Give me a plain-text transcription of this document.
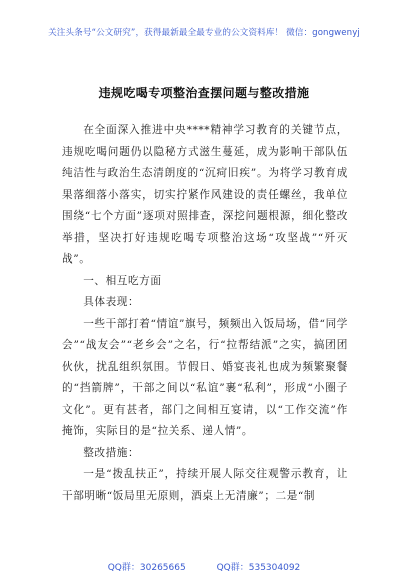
关注头条号“公文研究”，获得最新最全最专业的公文资料库！ 微信：gongwenyj
违规吃喝专项整治查摆问题与整改措施

在全面深入推进中央****精神学习教育的关键节点，违规吃喝问题仍以隐秘方式滋生蔓延，成为影响干部队伍纯洁性与政治生态清朗度的“沉疴旧疾”。为将学习教育成果落细落小落实，切实拧紧作风建设的责任螺丝，我单位围绕“七个方面”逐项对照排查，深挖问题根源，细化整改举措，坚决打好违规吃喝专项整治这场“攻坚战”“歼灭战”。

一、相互吃方面

具体表现：

一些干部打着“情谊”旗号，频频出入饭局场，借“同学会”“战友会”“老乡会”之名，行“拉帮结派”之实，搞团团伙伙，扰乱组织氛围。节假日、婚宴丧礼也成为频繁聚餐的“挡箭牌”，干部之间以“私谊”裹“私利”，形成“小圈子文化”。更有甚者，部门之间相互宴请，以“工作交流”作掩饰，实际目的是“拉关系、递人情”。

整改措施：

一是“拨乱扶正”，持续开展人际交往观警示教育，让干部明晰“饭局里无原则，酒桌上无清廉”；二是“制

QQ群：30265665	QQ群：535304092
